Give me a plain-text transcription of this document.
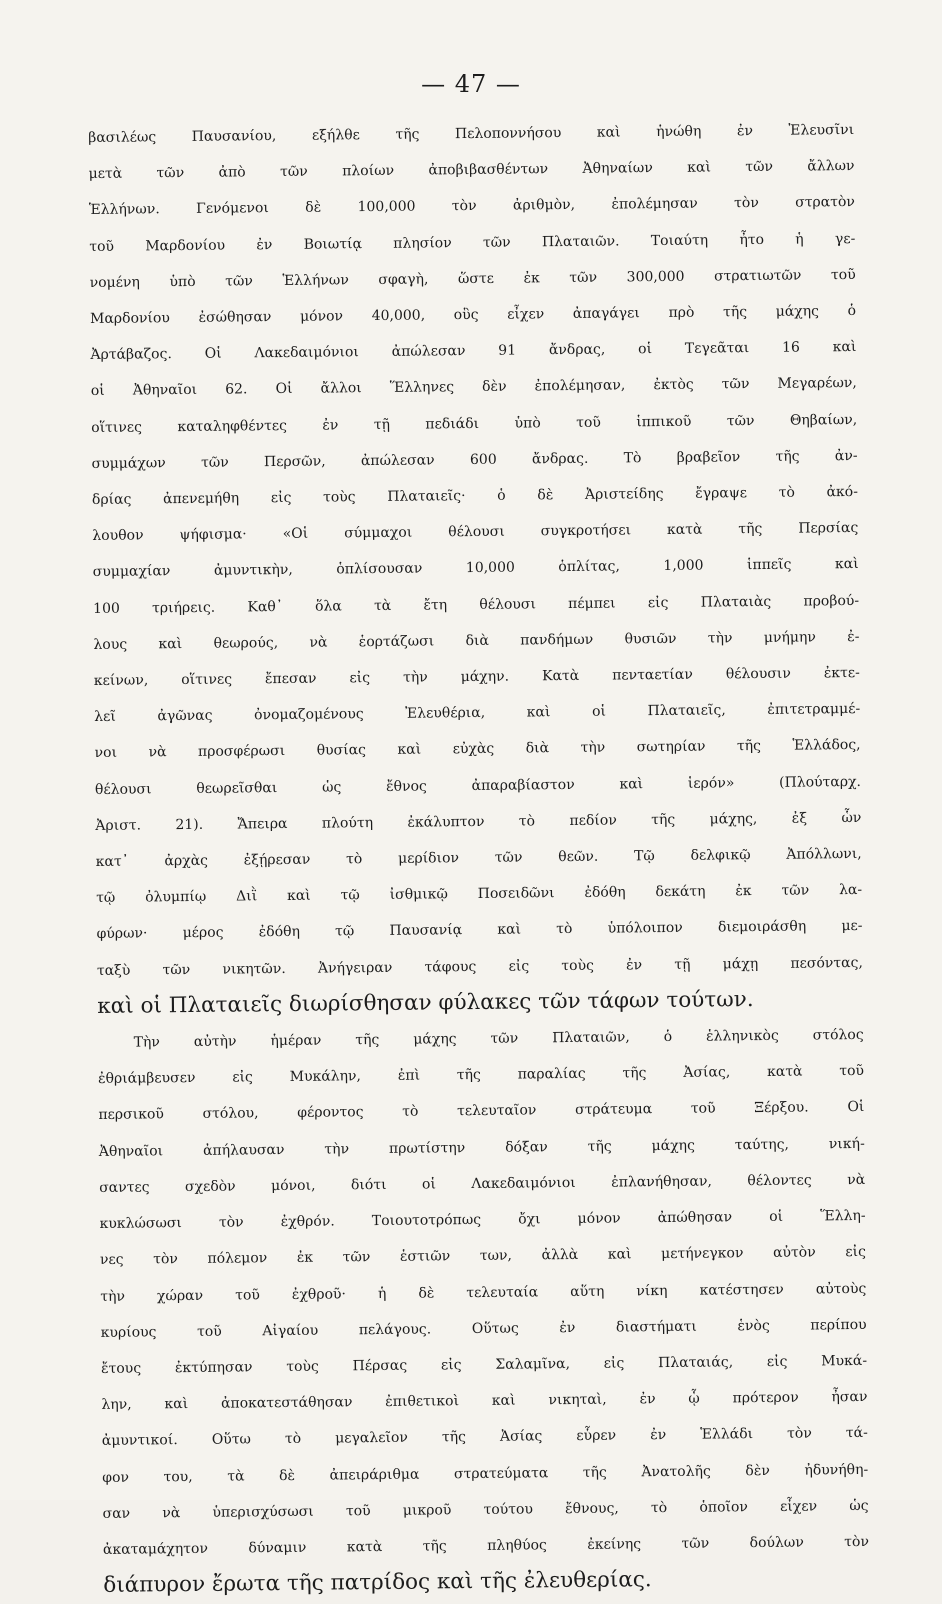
— 47 —
βασιλέως Παυσανίου, εξήλθε τῆς Πελοποννήσου καὶ ἡνώθη ἐν Ἐλευσῖνι
μετὰ τῶν ἀπὸ τῶν πλοίων ἀποβιβασθέντων Ἀθηναίων καὶ τῶν ἄλλων
Ἑλλήνων. Γενόμενοι δὲ 100,000 τὸν ἀριθμὸν, ἐπολέμησαν τὸν στρατὸν
τοῦ Μαρδονίου ἐν Βοιωτίᾳ πλησίον τῶν Πλαταιῶν. Τοιαύτη ἦτο ἡ γε-
νομένη ὑπὸ τῶν Ἑλλήνων σφαγὴ, ὥστε ἐκ τῶν 300,000 στρατιωτῶν τοῦ
Μαρδονίου ἐσώθησαν μόνον 40,000, οὓς εἶχεν ἀπαγάγει πρὸ τῆς μάχης ὁ
Ἀρτάβαζος. Οἱ Λακεδαιμόνιοι ἀπώλεσαν 91 ἄνδρας, οἱ Τεγεᾶται 16 καὶ
οἱ Ἀθηναῖοι 62. Οἱ ἄλλοι Ἕλληνες δὲν ἐπολέμησαν, ἐκτὸς τῶν Μεγαρέων,
οἵτινες καταληφθέντες ἐν τῇ πεδιάδι ὑπὸ τοῦ ἱππικοῦ τῶν Θηβαίων,
συμμάχων τῶν Περσῶν, ἀπώλεσαν 600 ἄνδρας. Τὸ βραβεῖον τῆς ἀν-
δρίας ἀπενεμήθη εἰς τοὺς Πλαταιεῖς· ὁ δὲ Ἀριστείδης ἔγραψε τὸ ἀκό-
λουθον ψήφισμα· «Οἱ σύμμαχοι θέλουσι συγκροτήσει κατὰ τῆς Περσίας
συμμαχίαν ἀμυντικὴν, ὁπλίσουσαν 10,000 ὁπλίτας, 1,000 ἱππεῖς καὶ
100 τριήρεις. Καθ᾿ ὅλα τὰ ἔτη θέλουσι πέμπει εἰς Πλαταιὰς προβού-
λους καὶ θεωρούς, νὰ ἑορτάζωσι διὰ πανδήμων θυσιῶν τὴν μνήμην ἐ-
κείνων, οἵτινες ἔπεσαν εἰς τὴν μάχην. Κατὰ πενταετίαν θέλουσιν ἐκτε-
λεῖ ἀγῶνας ὀνομαζομένους Ἐλευθέρια, καὶ οἱ Πλαταιεῖς, ἐπιτετραμμέ-
νοι νὰ προσφέρωσι θυσίας καὶ εὐχὰς διὰ τὴν σωτηρίαν τῆς Ἑλλάδος,
θέλουσι θεωρεῖσθαι ὡς ἔθνος ἀπαραβίαστον καὶ ἱερόν» (Πλούταρχ.
Ἀριστ. 21). Ἄπειρα πλούτη ἐκάλυπτον τὸ πεδίον τῆς μάχης, ἐξ ὧν
κατ᾿ ἀρχὰς ἐξῄρεσαν τὸ μερίδιον τῶν θεῶν. Τῷ δελφικῷ Ἀπόλλωνι,
τῷ ὀλυμπίῳ Διῒ καὶ τῷ ἰσθμικῷ Ποσειδῶνι ἐδόθη δεκάτη ἐκ τῶν λα-
φύρων· μέρος ἐδόθη τῷ Παυσανίᾳ καὶ τὸ ὑπόλοιπον διεμοιράσθη με-
ταξὺ τῶν νικητῶν. Ἀνήγειραν τάφους εἰς τοὺς ἐν τῇ μάχῃ πεσόντας,
καὶ οἱ Πλαταιεῖς διωρίσθησαν φύλακες τῶν τάφων τούτων.
Τὴν αὐτὴν ἡμέραν τῆς μάχης τῶν Πλαταιῶν, ὁ ἑλληνικὸς στόλος
ἐθριάμβευσεν εἰς Μυκάλην, ἐπὶ τῆς παραλίας τῆς Ἀσίας, κατὰ τοῦ
περσικοῦ στόλου, φέροντος τὸ τελευταῖον στράτευμα τοῦ Ξέρξου. Οἱ
Ἀθηναῖοι ἀπήλαυσαν τὴν πρωτίστην δόξαν τῆς μάχης ταύτης, νική-
σαντες σχεδὸν μόνοι, διότι οἱ Λακεδαιμόνιοι ἐπλανήθησαν, θέλοντες νὰ
κυκλώσωσι τὸν ἐχθρόν. Τοιουτοτρόπως ὄχι μόνον ἀπώθησαν οἱ Ἕλλη-
νες τὸν πόλεμον ἐκ τῶν ἑστιῶν των, ἀλλὰ καὶ μετήνεγκον αὐτὸν εἰς
τὴν χώραν τοῦ ἐχθροῦ· ἡ δὲ τελευταία αὕτη νίκη κατέστησεν αὐτοὺς
κυρίους τοῦ Αἰγαίου πελάγους. Οὕτως ἐν διαστήματι ἑνὸς περίπου
ἔτους ἐκτύπησαν τοὺς Πέρσας εἰς Σαλαμῖνα, εἰς Πλαταιάς, εἰς Μυκά-
λην, καὶ ἀποκατεστάθησαν ἐπιθετικοὶ καὶ νικηταὶ, ἐν ᾧ πρότερον ἦσαν
ἀμυντικοί. Οὕτω τὸ μεγαλεῖον τῆς Ἀσίας εὗρεν ἐν Ἑλλάδι τὸν τά-
φον του, τὰ δὲ ἀπειράριθμα στρατεύματα τῆς Ἀνατολῆς δὲν ἠδυνήθη-
σαν νὰ ὑπερισχύσωσι τοῦ μικροῦ τούτου ἔθνους, τὸ ὁποῖον εἶχεν ὡς
ἀκαταμάχητον δύναμιν κατὰ τῆς πληθύος ἐκείνης τῶν δούλων τὸν
διάπυρον ἔρωτα τῆς πατρίδος καὶ τῆς ἐλευθερίας.
